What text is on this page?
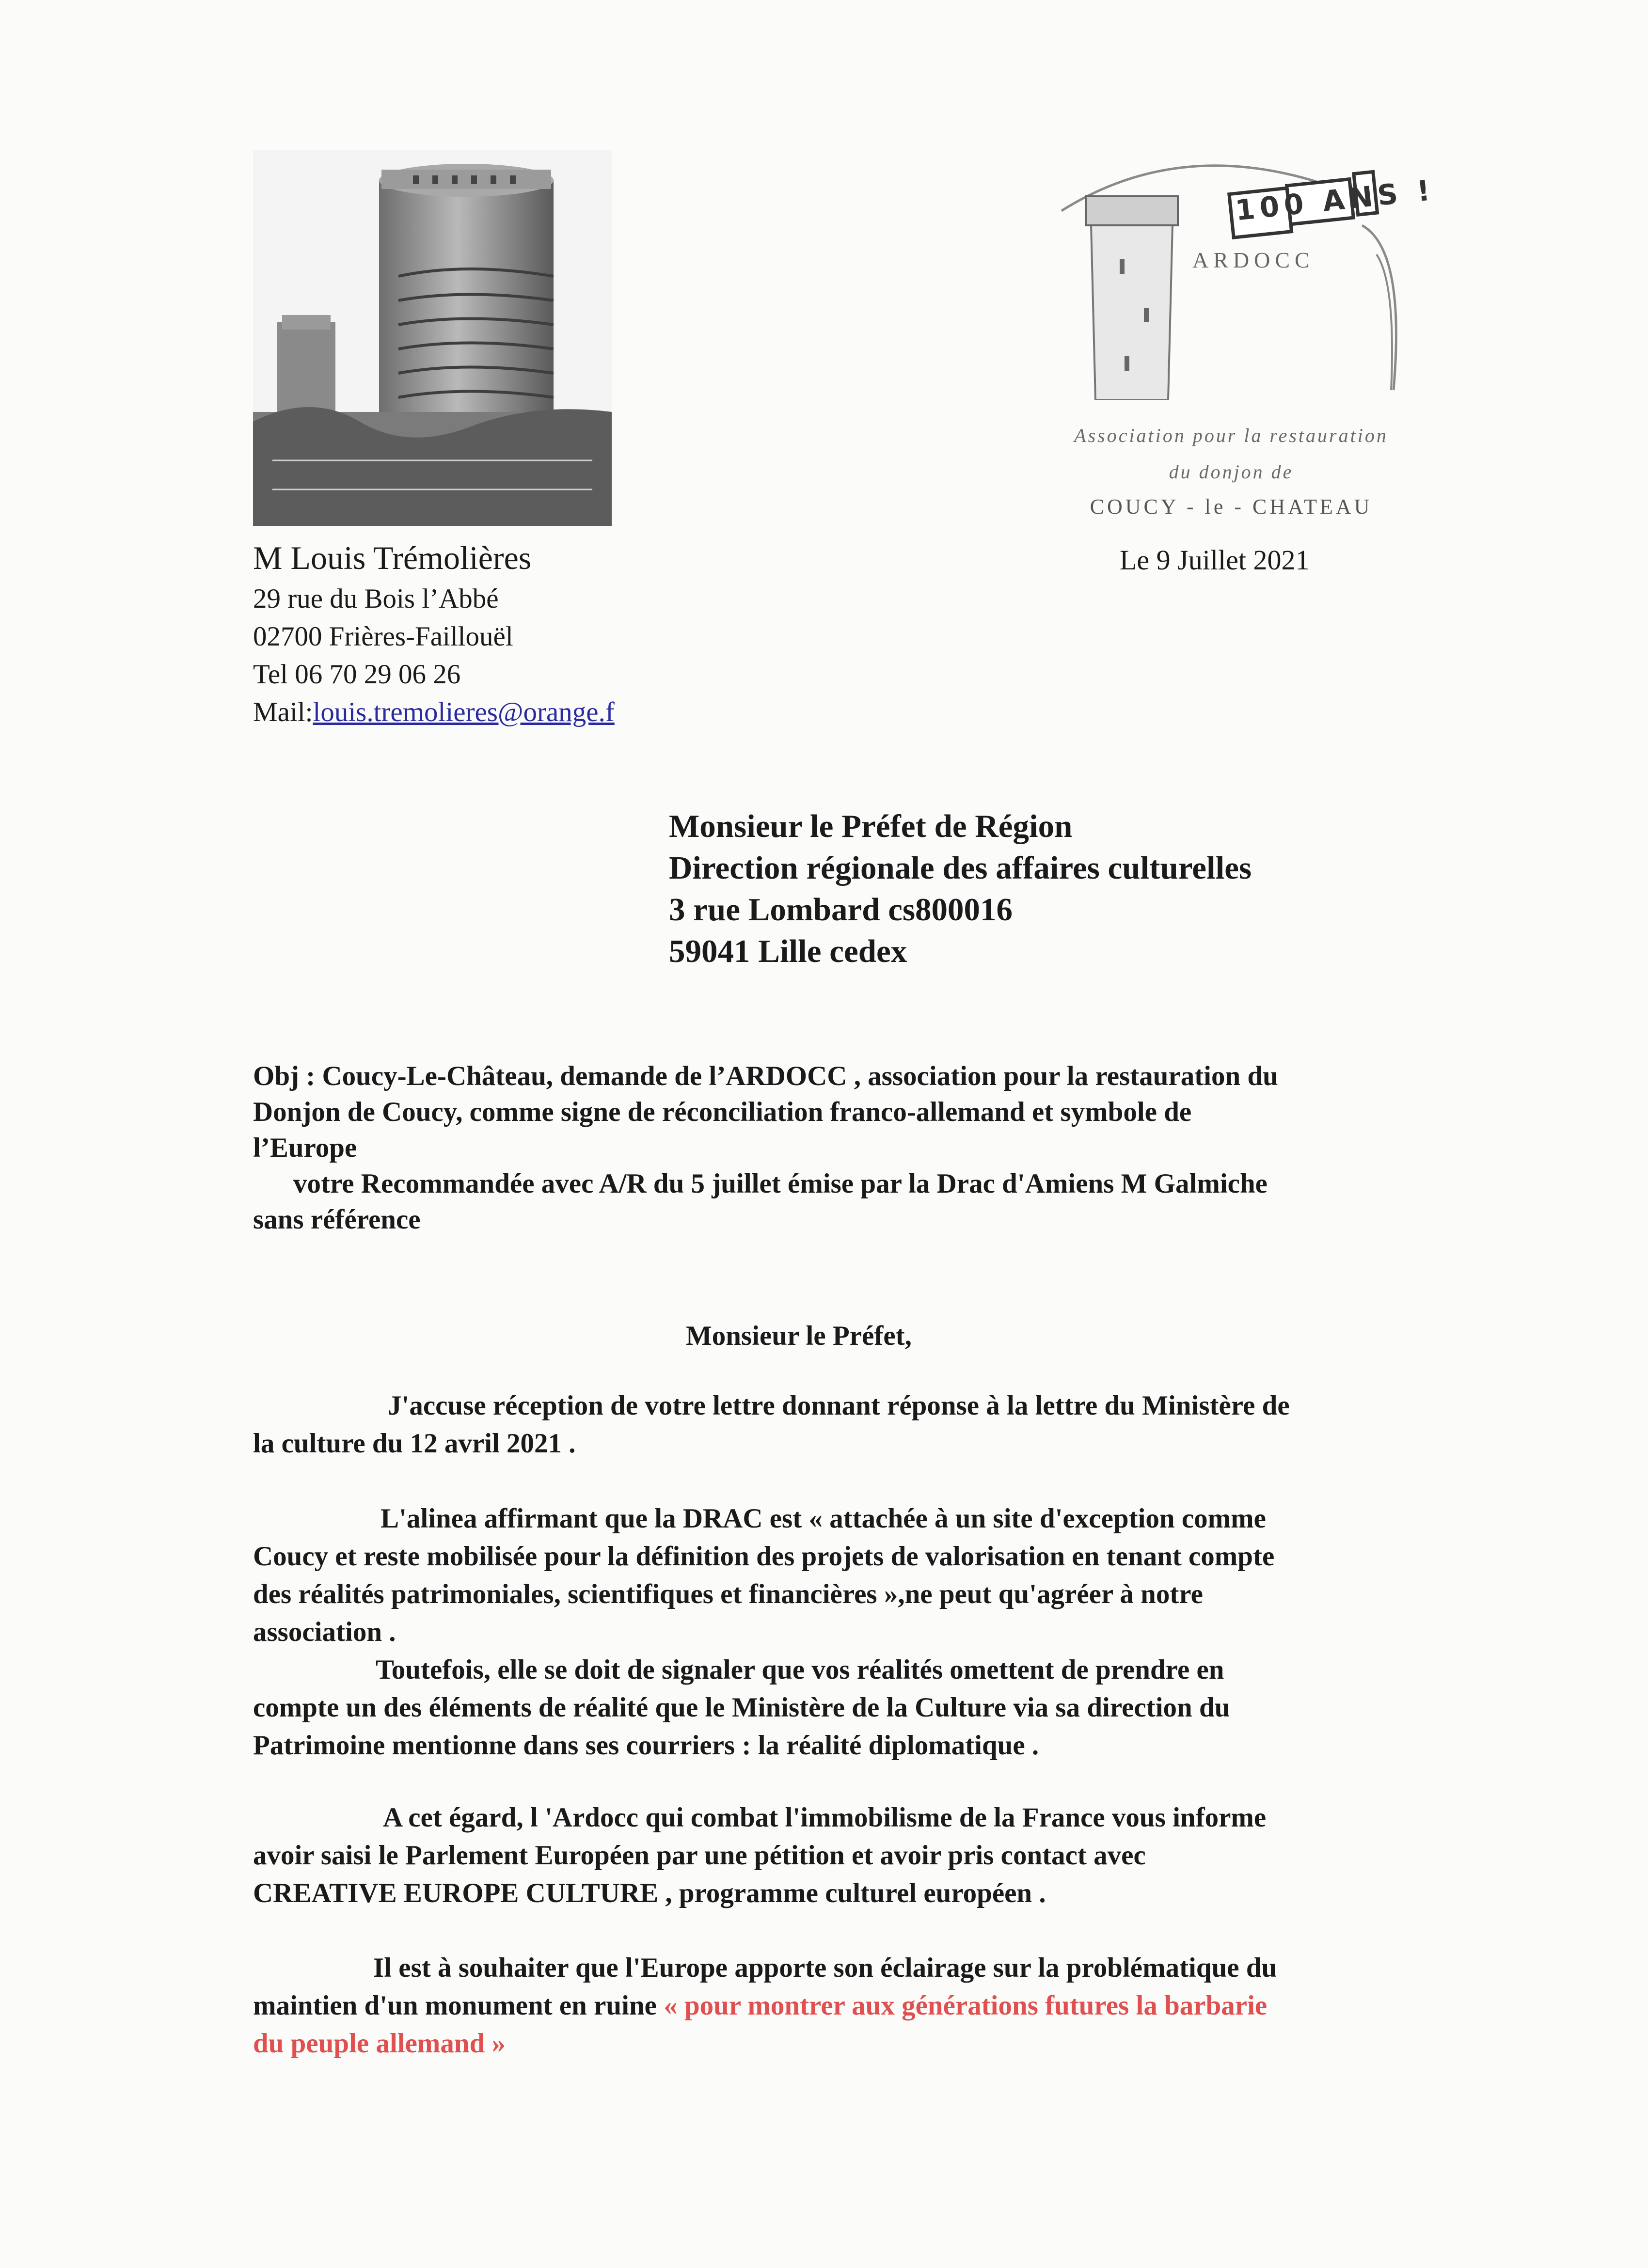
100 ANS !
ARDOCC
Association pour la restauration
du donjon de
COUCY - le - CHATEAU
M Louis Trémolières
29 rue du Bois l’Abbé
02700 Frières-Faillouël
Tel 06 70 29 06 26
Mail:louis.tremolieres@orange.f
Le 9 Juillet 2021
Monsieur le Préfet de Région
Direction régionale des affaires culturelles
3 rue Lombard cs800016
59041 Lille cedex
Obj : Coucy-Le-Château, demande de l’ARDOCC , association pour la restauration du
Donjon de Coucy, comme signe de réconciliation franco-allemand et symbole de
l’Europe
votre Recommandée avec A/R du 5 juillet émise par la Drac d'Amiens M Galmiche
sans référence
Monsieur le Préfet,
J'accuse réception de votre lettre donnant réponse à la lettre du Ministère de
la culture du 12 avril 2021 .
L'alinea affirmant que la DRAC est « attachée à un site d'exception comme
Coucy et reste mobilisée pour la définition des projets de valorisation en tenant compte
des réalités patrimoniales, scientifiques et financières »,ne peut qu'agréer à notre
association .
Toutefois, elle se doit de signaler que vos réalités omettent de prendre en
compte un des éléments de réalité que le Ministère de la Culture via sa direction du
Patrimoine mentionne dans ses courriers : la réalité diplomatique .
A cet égard, l 'Ardocc qui combat l'immobilisme de la France vous informe
avoir saisi le Parlement Européen par une pétition et avoir pris contact avec
CREATIVE EUROPE CULTURE , programme culturel européen .
Il est à souhaiter que l'Europe apporte son éclairage sur la problématique du
maintien d'un monument en ruine « pour montrer aux générations futures la barbarie
du peuple allemand »
